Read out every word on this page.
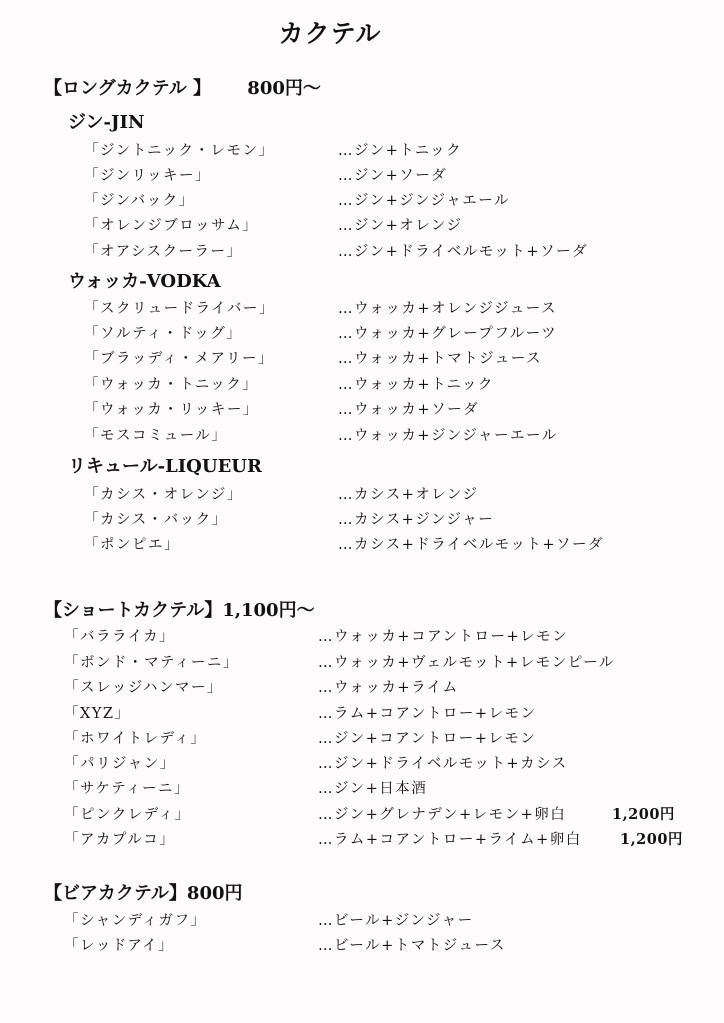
カクテル
【ロングカクテル 】 800円～
ジン-JIN
「ジントニック・レモン」	…ジン+トニック
「ジンリッキー」	…ジン+ソーダ
「ジンバック」	…ジン+ジンジャエール
「オレンジブロッサム」	…ジン+オレンジ
「オアシスクーラー」	…ジン+ドライベルモット+ソーダ
ウォッカ-VODKA
「スクリュードライバー」	…ウォッカ+オレンジジュース
「ソルティ・ドッグ」	…ウォッカ+グレープフルーツ
「ブラッディ・メアリー」	…ウォッカ+トマトジュース
「ウォッカ・トニック」	…ウォッカ+トニック
「ウォッカ・リッキー」	…ウォッカ+ソーダ
「モスコミュール」	…ウォッカ+ジンジャーエール
リキュール-LIQUEUR
「カシス・オレンジ」	…カシス+オレンジ
「カシス・バック」	…カシス+ジンジャー
「ポンピエ」	…カシス+ドライベルモット+ソーダ
【ショートカクテル】1,100円～
「バラライカ」	…ウォッカ+コアントロー+レモン
「ボンド・マティーニ」	…ウォッカ+ヴェルモット+レモンピール
「スレッジハンマー」	…ウォッカ+ライム
「XYZ」	…ラム+コアントロー+レモン
「ホワイトレディ」	…ジン+コアントロー+レモン
「パリジャン」	…ジン+ドライベルモット+カシス
「サケティーニ」	…ジン+日本酒
「ピンクレディ」	…ジン+グレナデン+レモン+卵白	1,200円
「アカプルコ」	…ラム+コアントロー+ライム+卵白	1,200円
【ビアカクテル】800円
「シャンディガフ」	…ビール+ジンジャー
「レッドアイ」	…ビール+トマトジュース
